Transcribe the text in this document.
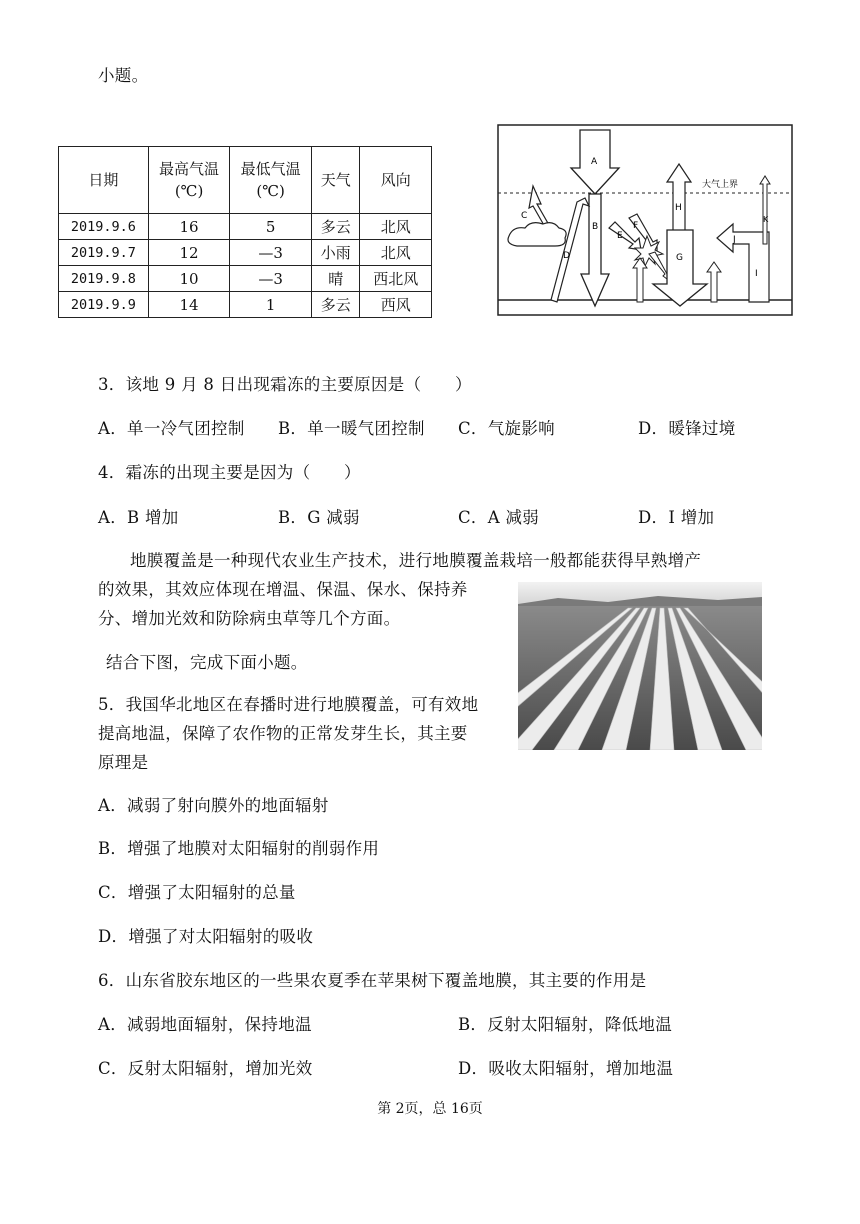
小题。
日期	最高气温(℃)	最低气温(℃)	天气	风向
2019.9.6	16	5	多云	北风
2019.9.7	12	—3	小雨	北风
2019.9.8	10	—3	晴	西北风
2019.9.9	14	1	多云	西风
大气上界
A
B
C
D
E
F
H
G
I
J
K
3．该地 9 月 8 日出现霜冻的主要原因是（　　）
A．单一冷气团控制 B．单一暖气团控制 C．气旋影响	D．暖锋过境
4．霜冻的出现主要是因为（　　）
A．B 增加	B．G 减弱	C．A 减弱	D．I 增加
地膜覆盖是一种现代农业生产技术，进行地膜覆盖栽培一般都能获得早熟增产
的效果，其效应体现在增温、保温、保水、保持养
分、增加光效和防除病虫草等几个方面。
结合下图，完成下面小题。
5．我国华北地区在春播时进行地膜覆盖，可有效地
提高地温，保障了农作物的正常发芽生长，其主要
原理是
A．减弱了射向膜外的地面辐射
B．增强了地膜对太阳辐射的削弱作用
C．增强了太阳辐射的总量
D．增强了对太阳辐射的吸收
6．山东省胶东地区的一些果农夏季在苹果树下覆盖地膜，其主要的作用是
A．减弱地面辐射，保持地温	B．反射太阳辐射，降低地温
C．反射太阳辐射，增加光效	D．吸收太阳辐射，增加地温
第 2页，总 16页
